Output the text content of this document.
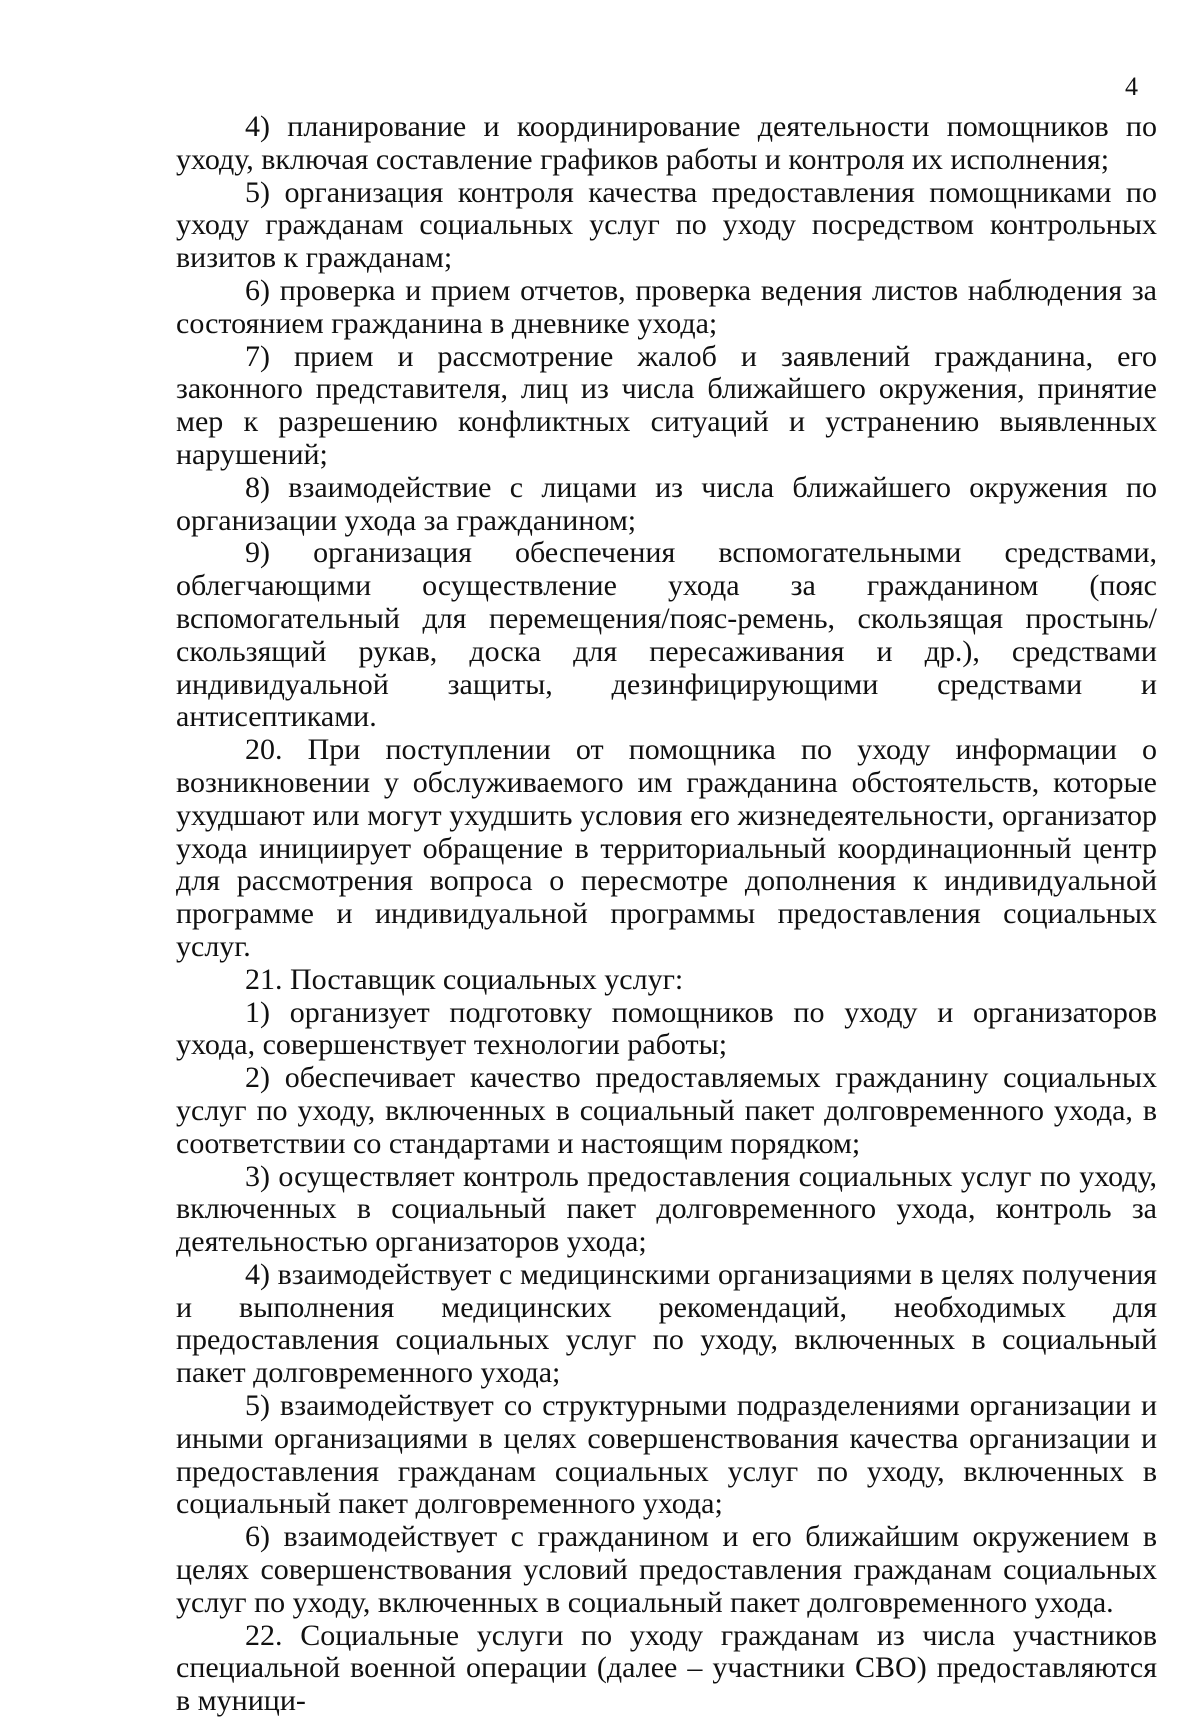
4

4) планирование и координирование деятельности помощников по уходу, включая составление графиков работы и контроля их исполнения;

5) организация контроля качества предоставления помощниками по уходу гражданам социальных услуг по уходу посредством контрольных визитов к гражданам;

6) проверка и прием отчетов, проверка ведения листов наблюдения за состоянием гражданина в дневнике ухода;

7) прием и рассмотрение жалоб и заявлений гражданина, его законного представителя, лиц из числа ближайшего окружения, принятие мер к разрешению конфликтных ситуаций и устранению выявленных нарушений;

8) взаимодействие с лицами из числа ближайшего окружения по организации ухода за гражданином;

9) организация обеспечения вспомогательными средствами, облегчающими осуществление ухода за гражданином (пояс вспомогательный для перемещения/пояс-ремень, скользящая простынь/скользящий рукав, доска для пересаживания и др.), средствами индивидуальной защиты, дезинфицирующими средствами и антисептиками.

20. При поступлении от помощника по уходу информации о возникновении у обслуживаемого им гражданина обстоятельств, которые ухудшают или могут ухудшить условия его жизнедеятельности, организатор ухода инициирует обращение в территориальный координационный центр для рассмотрения вопроса о пересмотре дополнения к индивидуальной программе и индивидуальной программы предоставления социальных услуг.

21. Поставщик социальных услуг:

1) организует подготовку помощников по уходу и организаторов ухода, совершенствует технологии работы;

2) обеспечивает качество предоставляемых гражданину социальных услуг по уходу, включенных в социальный пакет долговременного ухода, в соответствии со стандартами и настоящим порядком;

3) осуществляет контроль предоставления социальных услуг по уходу, включенных в социальный пакет долговременного ухода, контроль за деятельностью организаторов ухода;

4) взаимодействует с медицинскими организациями в целях получения и выполнения медицинских рекомендаций, необходимых для предоставления социальных услуг по уходу, включенных в социальный пакет долговременного ухода;

5) взаимодействует со структурными подразделениями организации и иными организациями в целях совершенствования качества организации и предоставления гражданам социальных услуг по уходу, включенных в социальный пакет долговременного ухода;

6) взаимодействует с гражданином и его ближайшим окружением в целях совершенствования условий предоставления гражданам социальных услуг по уходу, включенных в социальный пакет долговременного ухода.

22. Социальные услуги по уходу гражданам из числа участников специальной военной операции (далее – участники СВО) предоставляются в муници-
